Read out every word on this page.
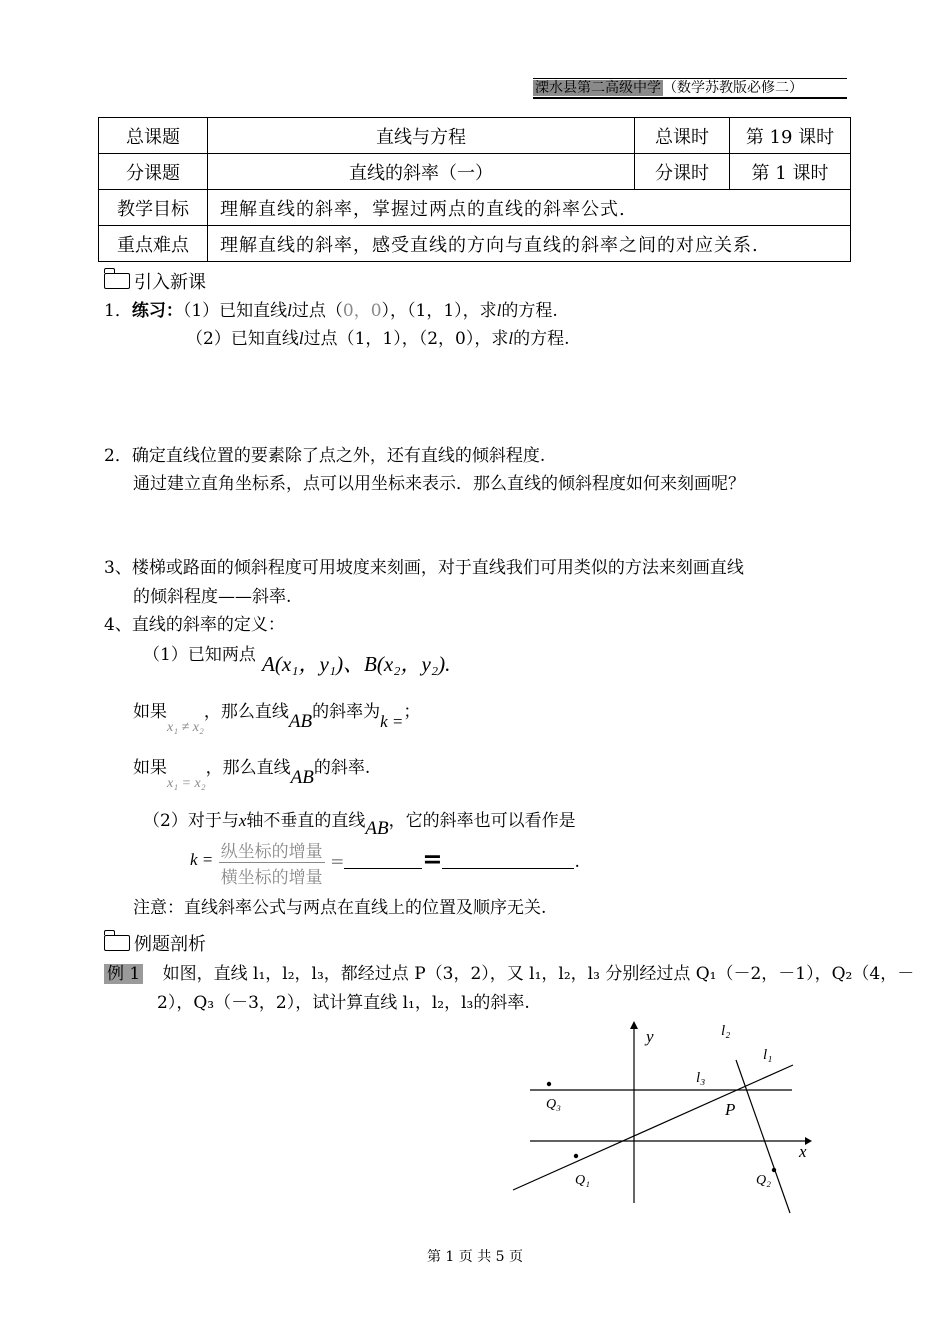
溧水县第二高级中学 （数学苏教版必修二）
总课题	直线与方程	总课时	第 19 课时
分课题	直线的斜率（一）	分课时	第 1 课时
教学目标	理解直线的斜率，掌握过两点的直线的斜率公式.		
重点难点	理解直线的斜率，感受直线的方向与直线的斜率之间的对应关系.		
引入新课
1．练习：（1）已知直线l过点（0，0），（1，1），求l的方程.
（2）已知直线l过点（1，1），（2，0），求l的方程.
2．确定直线位置的要素除了点之外，还有直线的倾斜程度.
通过建立直角坐标系，点可以用坐标来表示．那么直线的倾斜程度如何来刻画呢？
3、楼梯或路面的倾斜程度可用坡度来刻画，对于直线我们可用类似的方法来刻画直线
的倾斜程度——斜率.
4、直线的斜率的定义：
（1）已知两点 A(x₁，y₁)、B(x₂，y₂).
如果$_{x_1 \ne x_2}$，那么直线AB的斜率为k =；
如果$_{x_1 = x_2}$，那么直线AB的斜率.
（2）对于与x轴不垂直的直线AB，它的斜率也可以看作是
$k = \frac{\text{纵坐标的增量}}{\text{横坐标的增量}}$ =	=	.
注意：直线斜率公式与两点在直线上的位置及顺序无关.
例题剖析
例 1 如图，直线 l₁，l₂，l₃，都经过点 P（3，2），又 l₁，l₂，l₃ 分别经过点 Q₁（－2，－1），Q₂（4，－
2），Q₃（－3，2），试计算直线 l₁，l₂，l₃的斜率.
y
x
P
l₂
l₁
l₃
Q₃
Q₁	Q₂
第 1 页 共 5 页
